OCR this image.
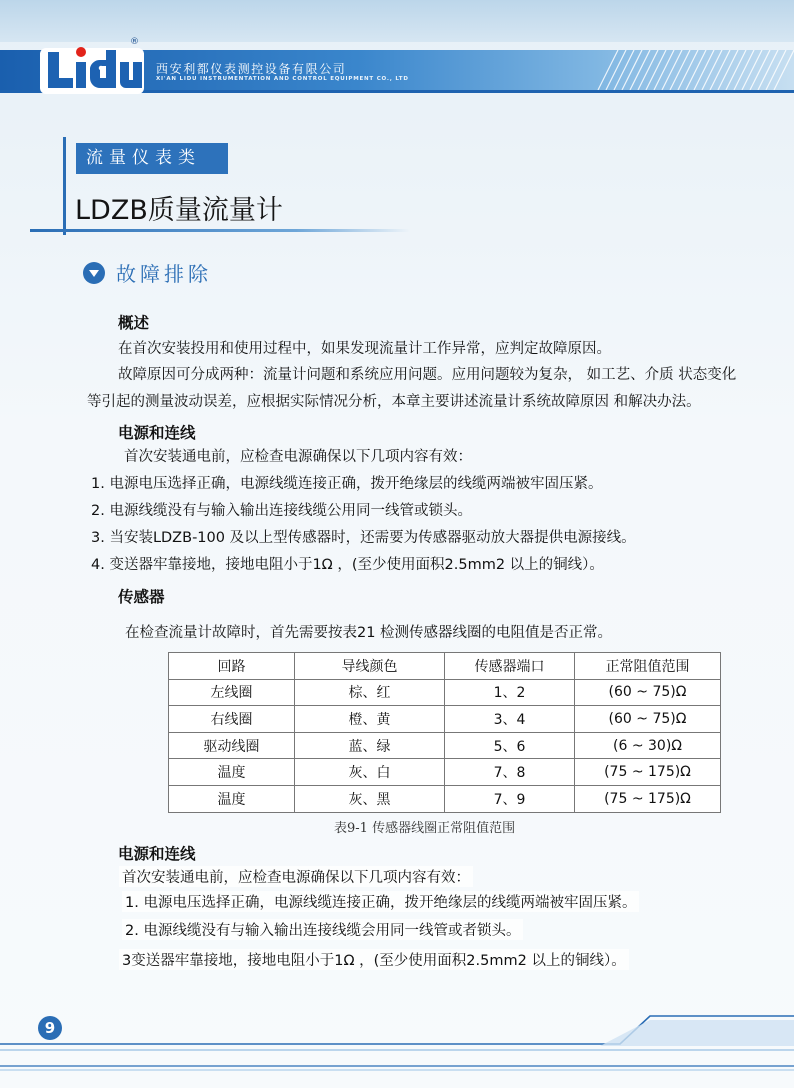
®
西安利都仪表测控设备有限公司
XI'AN LIDU INSTRUMENTATION AND CONTROL EQUIPMENT CO., LTD
流量仪表类
LDZB质量流量计
故障排除
概述
在首次安装投用和使用过程中，如果发现流量计工作异常，应判定故障原因。
故障原因可分成两种：流量计问题和系统应用问题。应用问题较为复杂， 如工艺、介质 状态变化
等引起的测量波动误差，应根据实际情况分析，本章主要讲述流量计系统故障原因 和解决办法。
电源和连线
首次安装通电前，应检查电源确保以下几项内容有效：
1. 电源电压选择正确，电源线缆连接正确，拨开绝缘层的线缆两端被牢固压紧。
2. 电源线缆没有与输入输出连接线缆公用同一线管或锁头。
3. 当安装LDZB-100 及以上型传感器时，还需要为传感器驱动放大器提供电源接线。
4. 变送器牢靠接地，接地电阻小于1Ω ，(至少使用面积2.5mm2 以上的铜线）。
传感器
在检查流量计故障时，首先需要按表21 检测传感器线圈的电阻值是否正常。
回路	导线颜色	传感器端口	正常阻值范围
左线圈	棕、红	1、2	(60 ~ 75)Ω
右线圈	橙、黄	3、4	(60 ~ 75)Ω
驱动线圈	蓝、绿	5、6	(6 ~ 30)Ω
温度	灰、白	7、8	(75 ~ 175)Ω
温度	灰、黑	7、9	(75 ~ 175)Ω
表9-1 传感器线圈正常阻值范围
电源和连线
首次安装通电前，应检查电源确保以下几项内容有效：
1. 电源电压选择正确，电源线缆连接正确，拨开绝缘层的线缆两端被牢固压紧。
2. 电源线缆没有与输入输出连接线缆会用同一线管或者锁头。
3变送器牢靠接地，接地电阻小于1Ω ，(至少使用面积2.5mm2 以上的铜线）。
9
